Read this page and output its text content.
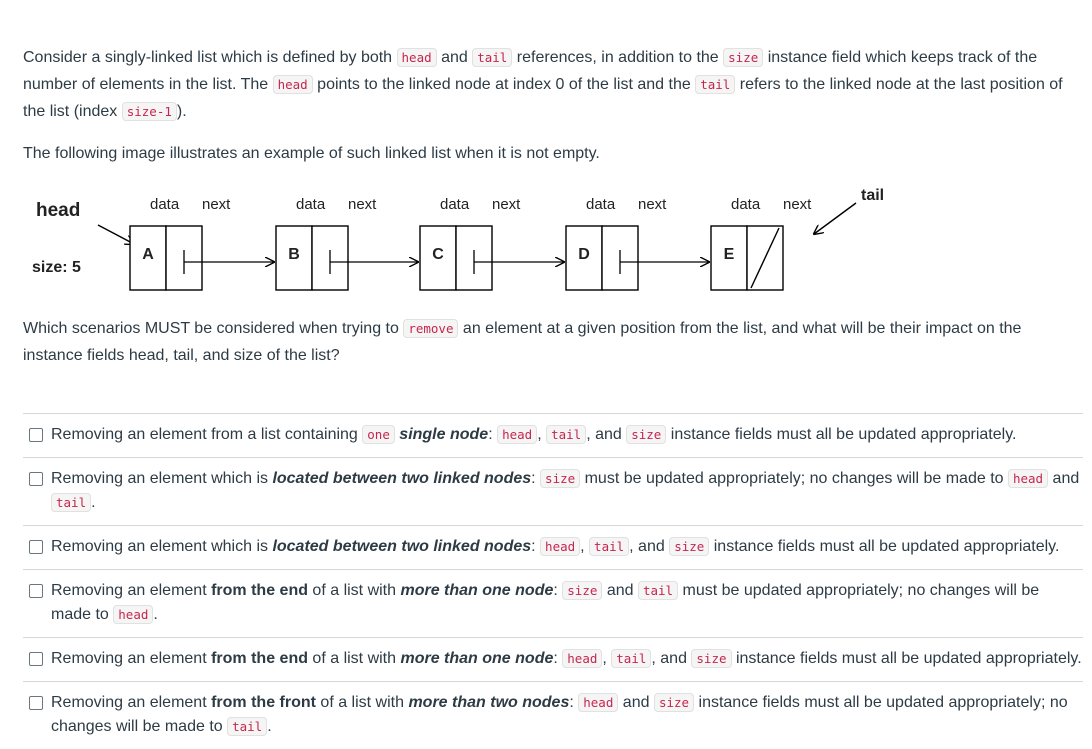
Consider a singly-linked list which is defined by both head and tail references, in addition to the size instance field which keeps track of the number of elements in the list. The head points to the linked node at index 0 of the list and the tail refers to the linked node at the last position of the list (index size-1 ).

The following image illustrates an example of such linked list when it is not empty.

head
size: 5
tail
A
data next
B
data next
C
data next
D
data next
E
data next

Which scenarios MUST be considered when trying to remove an element at a given position from the list, and what will be their impact on the instance fields head, tail, and size of the list?

Removing an element from a list containing one single node: head , tail , and size instance fields must all be updated appropriately.
Removing an element which is located between two linked nodes: size must be updated appropriately; no changes will be made to head and tail .
Removing an element which is located between two linked nodes: head , tail , and size instance fields must all be updated appropriately.
Removing an element from the end of a list with more than one node: size and tail must be updated appropriately; no changes will be made to head .
Removing an element from the end of a list with more than one node: head , tail , and size instance fields must all be updated appropriately.
Removing an element from the front of a list with more than two nodes: head and size instance fields must all be updated appropriately; no changes will be made to tail .
